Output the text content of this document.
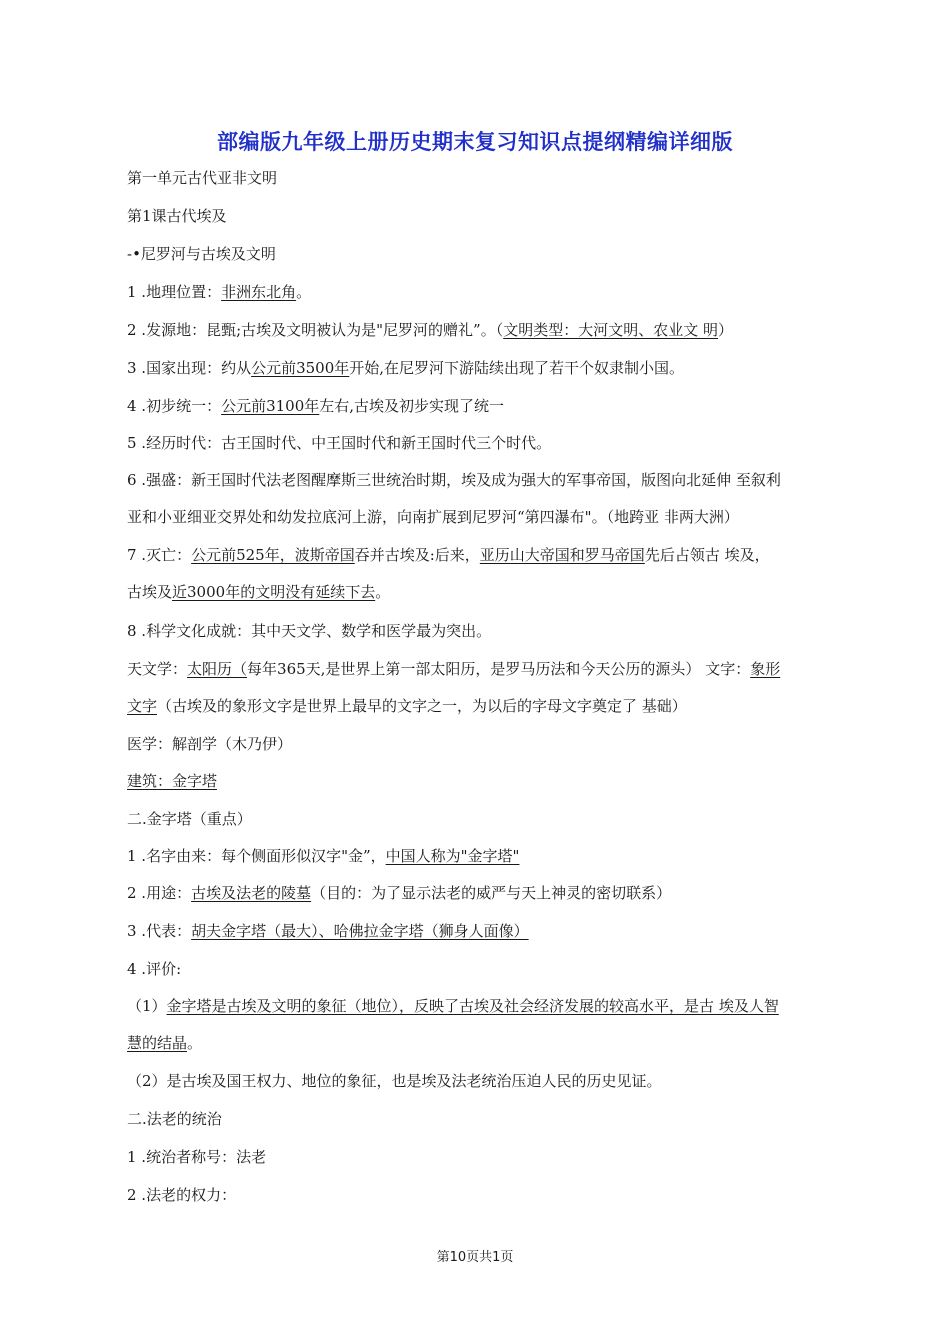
部编版九年级上册历史期末复习知识点提纲精编详细版
第一单元古代亚非文明
第1课古代埃及
-•尼罗河与古埃及文明
1 .地理位置：非洲东北角。
2 .发源地：昆甄;古埃及文明被认为是"尼罗河的赠礼”。（文明类型：大河文明、农业文 明）
3 .国家出现：约从公元前3500年开始,在尼罗河下游陆续出现了若干个奴隶制小国。
4 .初步统一：公元前3100年左右,古埃及初步实现了统一
5 .经历时代：古王国时代、中王国时代和新王国时代三个时代。
6 .强盛：新王国时代法老图醒摩斯三世统治时期，埃及成为强大的军事帝国，版图向北延伸 至叙利
亚和小亚细亚交界处和幼发拉底河上游，向南扩展到尼罗河“第四瀑布"。（地跨亚 非两大洲）
7 .灭亡：公元前525年，波斯帝国吞并古埃及:后来，亚历山大帝国和罗马帝国先后占领古 埃及，
古埃及近3000年的文明没有延续下去。
8 .科学文化成就：其中天文学、数学和医学最为突出。
天文学：太阳历（每年365天,是世界上第一部太阳历，是罗马历法和今天公历的源头） 文字：象形
文字（古埃及的象形文字是世界上最早的文字之一，为以后的字母文字奠定了 基础）
医学：解剖学（木乃伊）
建筑：金字塔
二.金字塔（重点）
1 .名字由来：每个侧面形似汉字"金”，中国人称为"金字塔"
2 .用途：古埃及法老的陵墓（目的：为了显示法老的威严与天上神灵的密切联系）
3 .代表：胡夫金字塔（最大）、哈佛拉金字塔（狮身人面像）
4 .评价:
（1）金字塔是古埃及文明的象征（地位），反映了古埃及社会经济发展的较高水平，是古 埃及人智
慧的结晶。
（2）是古埃及国王权力、地位的象征，也是埃及法老统治压迫人民的历史见证。
二.法老的统治
1 .统治者称号：法老
2 .法老的权力：
第10页共1页
